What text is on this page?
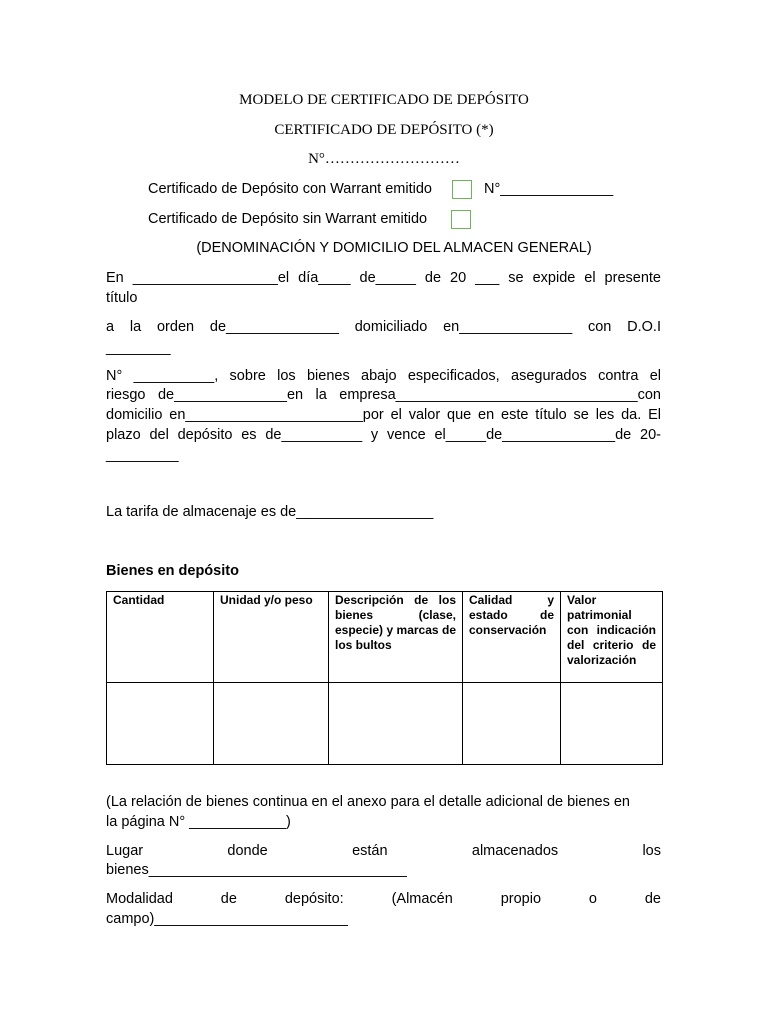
MODELO DE CERTIFICADO DE DEPÓSITO
CERTIFICADO DE DEPÓSITO (*)
N°………………………
Certificado de Depósito con Warrant emitido	N°______________
Certificado de Depósito sin Warrant emitido
(DENOMINACIÓN Y DOMICILIO DEL ALMACEN GENERAL)
En __________________el día____ de_____ de 20 ___ se expide el presente
título
a la orden de______________ domiciliado en______________ con D.O.I
________
N° __________, sobre los bienes abajo especificados, asegurados contra el
riesgo de______________en la empresa______________________________con
domicilio en______________________por el valor que en este título se les da. El
plazo del depósito es de__________ y vence el_____de______________de 20-
_________
La tarifa de almacenaje es de_________________
Bienes en depósito
Cantidad	Unidad y/o peso	Descripción de los bienes (clase, especie) y marcas de los bultos	Calidad y estado de conservación	Valor patrimonial con indicación del criterio de valorización

(La relación de bienes continua en el anexo para el detalle adicional de bienes en
la página N° ____________)
Lugar donde están almacenados los
bienes________________________________
Modalidad de depósito: (Almacén propio o de
campo)________________________
